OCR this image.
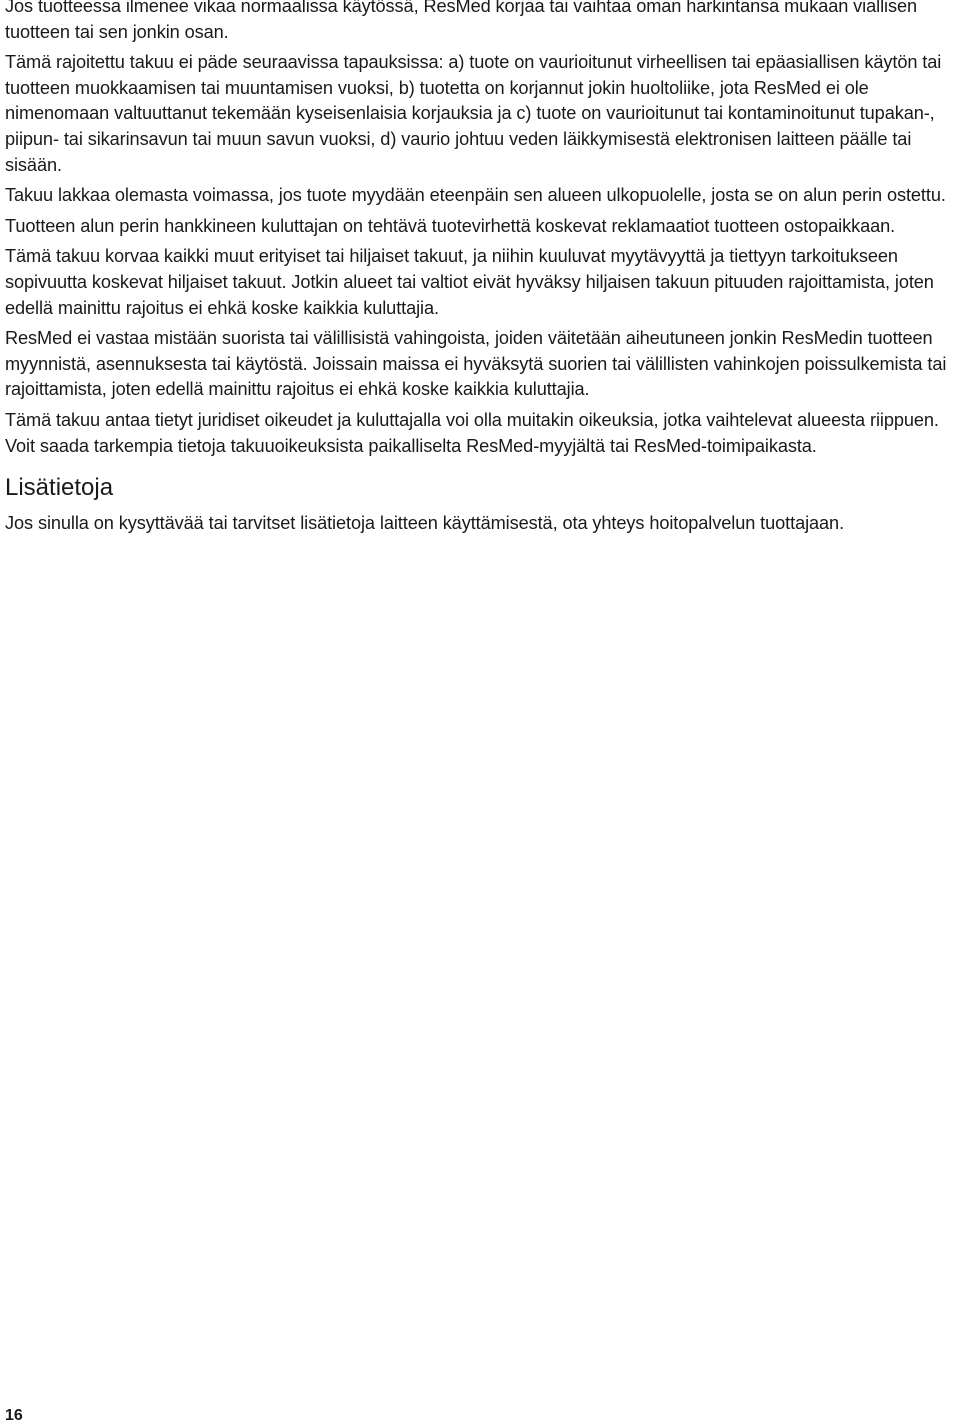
Jos tuotteessa ilmenee vikaa normaalissa käytössä, ResMed korjaa tai vaihtaa oman harkintansa mukaan viallisen tuotteen tai sen jonkin osan.

Tämä rajoitettu takuu ei päde seuraavissa tapauksissa: a) tuote on vaurioitunut virheellisen tai epäasiallisen käytön tai tuotteen muokkaamisen tai muuntamisen vuoksi, b) tuotetta on korjannut jokin huoltoliike, jota ResMed ei ole nimenomaan valtuuttanut tekemään kyseisenlaisia korjauksia ja c) tuote on vaurioitunut tai kontaminoitunut tupakan-, piipun- tai sikarinsavun tai muun savun vuoksi, d) vaurio johtuu veden läikkymisestä elektronisen laitteen päälle tai sisään.

Takuu lakkaa olemasta voimassa, jos tuote myydään eteenpäin sen alueen ulkopuolelle, josta se on alun perin ostettu.

Tuotteen alun perin hankkineen kuluttajan on tehtävä tuotevirhettä koskevat reklamaatiot tuotteen ostopaikkaan.

Tämä takuu korvaa kaikki muut erityiset tai hiljaiset takuut, ja niihin kuuluvat myytävyyttä ja tiettyyn tarkoitukseen sopivuutta koskevat hiljaiset takuut. Jotkin alueet tai valtiot eivät hyväksy hiljaisen takuun pituuden rajoittamista, joten edellä mainittu rajoitus ei ehkä koske kaikkia kuluttajia.

ResMed ei vastaa mistään suorista tai välillisistä vahingoista, joiden väitetään aiheutuneen jonkin ResMedin tuotteen myynnistä, asennuksesta tai käytöstä. Joissain maissa ei hyväksytä suorien tai välillisten vahinkojen poissulkemista tai rajoittamista, joten edellä mainittu rajoitus ei ehkä koske kaikkia kuluttajia.

Tämä takuu antaa tietyt juridiset oikeudet ja kuluttajalla voi olla muitakin oikeuksia, jotka vaihtelevat alueesta riippuen. Voit saada tarkempia tietoja takuuoikeuksista paikalliselta ResMed-myyjältä tai ResMed-toimipaikasta.

Lisätietoja

Jos sinulla on kysyttävää tai tarvitset lisätietoja laitteen käyttämisestä, ota yhteys hoitopalvelun tuottajaan.

16
